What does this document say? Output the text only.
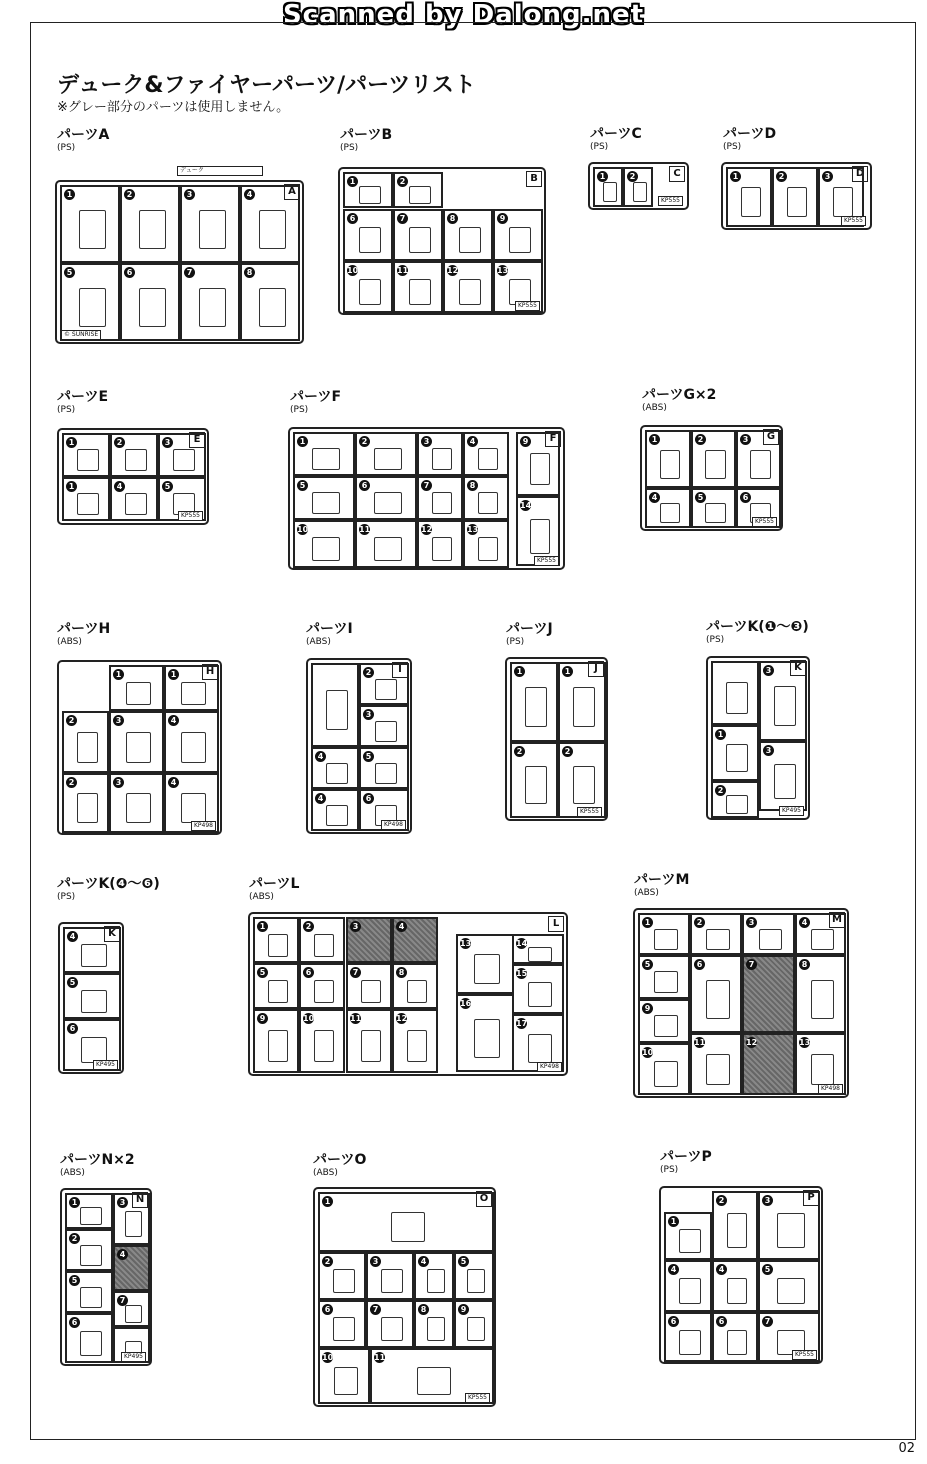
Scanned by Dalong.net
デューク&ファイヤーパーツ/パーツリスト
※グレー部分のパーツは使用しません。
パーツA
(PS)
パーツB
(PS)
パーツC
(PS)
パーツD
(PS)
パーツE
(PS)
パーツF
(PS)
パーツG×2
(ABS)
パーツH
(ABS)
パーツI
(ABS)
パーツJ
(PS)
パーツK(❶〜❸)
(PS)
パーツK(❹〜❻)
(PS)
パーツL
(ABS)
パーツM
(ABS)
パーツN×2
(ABS)
パーツO
(ABS)
パーツP
(PS)
A
1	2	3	4
5	6	7	8
デューク
© SUNRISE
B
1	2
6	7	8	9
10	11	12	13
KP555
C
1	2
KP555
D
1	2	3
KP555
E
1	2	3
1	4	5
KP555
F
1	2	3	4	9
5	6	7	8
14
10	11	12	13
KP555
G
1	2	3
4	5	6
KP555
H
1	1
2	3	4
2	3	4
KP498
I
2
3
4	5
4	6
KP498
J
1	1
2	2
KP555
K
3
1
3
2
KP495
K
4
5
6
KP495
L
1	2	3	4
5	6	7	8
9	10	11	12
13	14
15
16
17
KP498
M
1	2	3	4
5	6	7	8
9
10
11	12	13
KP498
N
1	3
2
4
5
7
6
KP495
O
1
2	3	4	5
6	7	8	9
10	11
KP555
P
1
2	3
4	4	5
6	6	7
KP555
02
